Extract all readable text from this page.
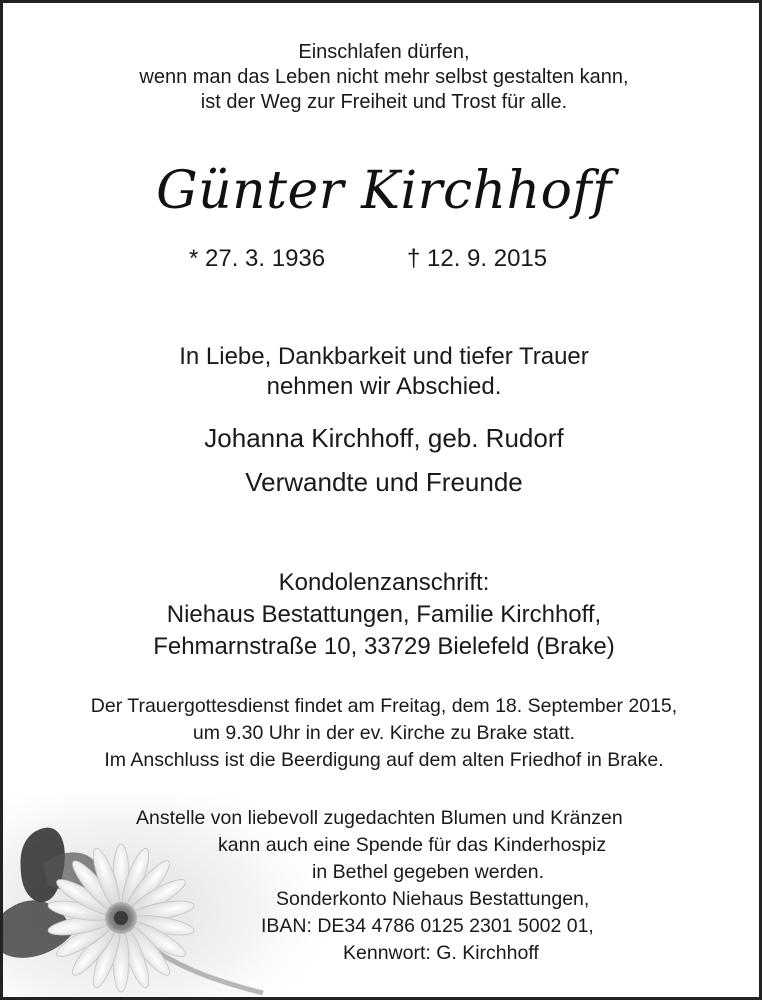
Einschlafen dürfen,
wenn man das Leben nicht mehr selbst gestalten kann,
ist der Weg zur Freiheit und Trost für alle.
Günter Kirchhoff
* 27. 3. 1936	† 12. 9. 2015
In Liebe, Dankbarkeit und tiefer Trauer
nehmen wir Abschied.
Johanna Kirchhoff, geb. Rudorf
Verwandte und Freunde
Kondolenzanschrift:
Niehaus Bestattungen, Familie Kirchhoff,
Fehmarnstraße 10, 33729 Bielefeld (Brake)
Der Trauergottesdienst findet am Freitag, dem 18. September 2015,
um 9.30 Uhr in der ev. Kirche zu Brake statt.
Im Anschluss ist die Beerdigung auf dem alten Friedhof in Brake.
Anstelle von liebevoll zugedachten Blumen und Kränzen
kann auch eine Spende für das Kinderhospiz
in Bethel gegeben werden.
Sonderkonto Niehaus Bestattungen,
IBAN: DE34 4786 0125 2301 5002 01,
Kennwort: G. Kirchhoff
